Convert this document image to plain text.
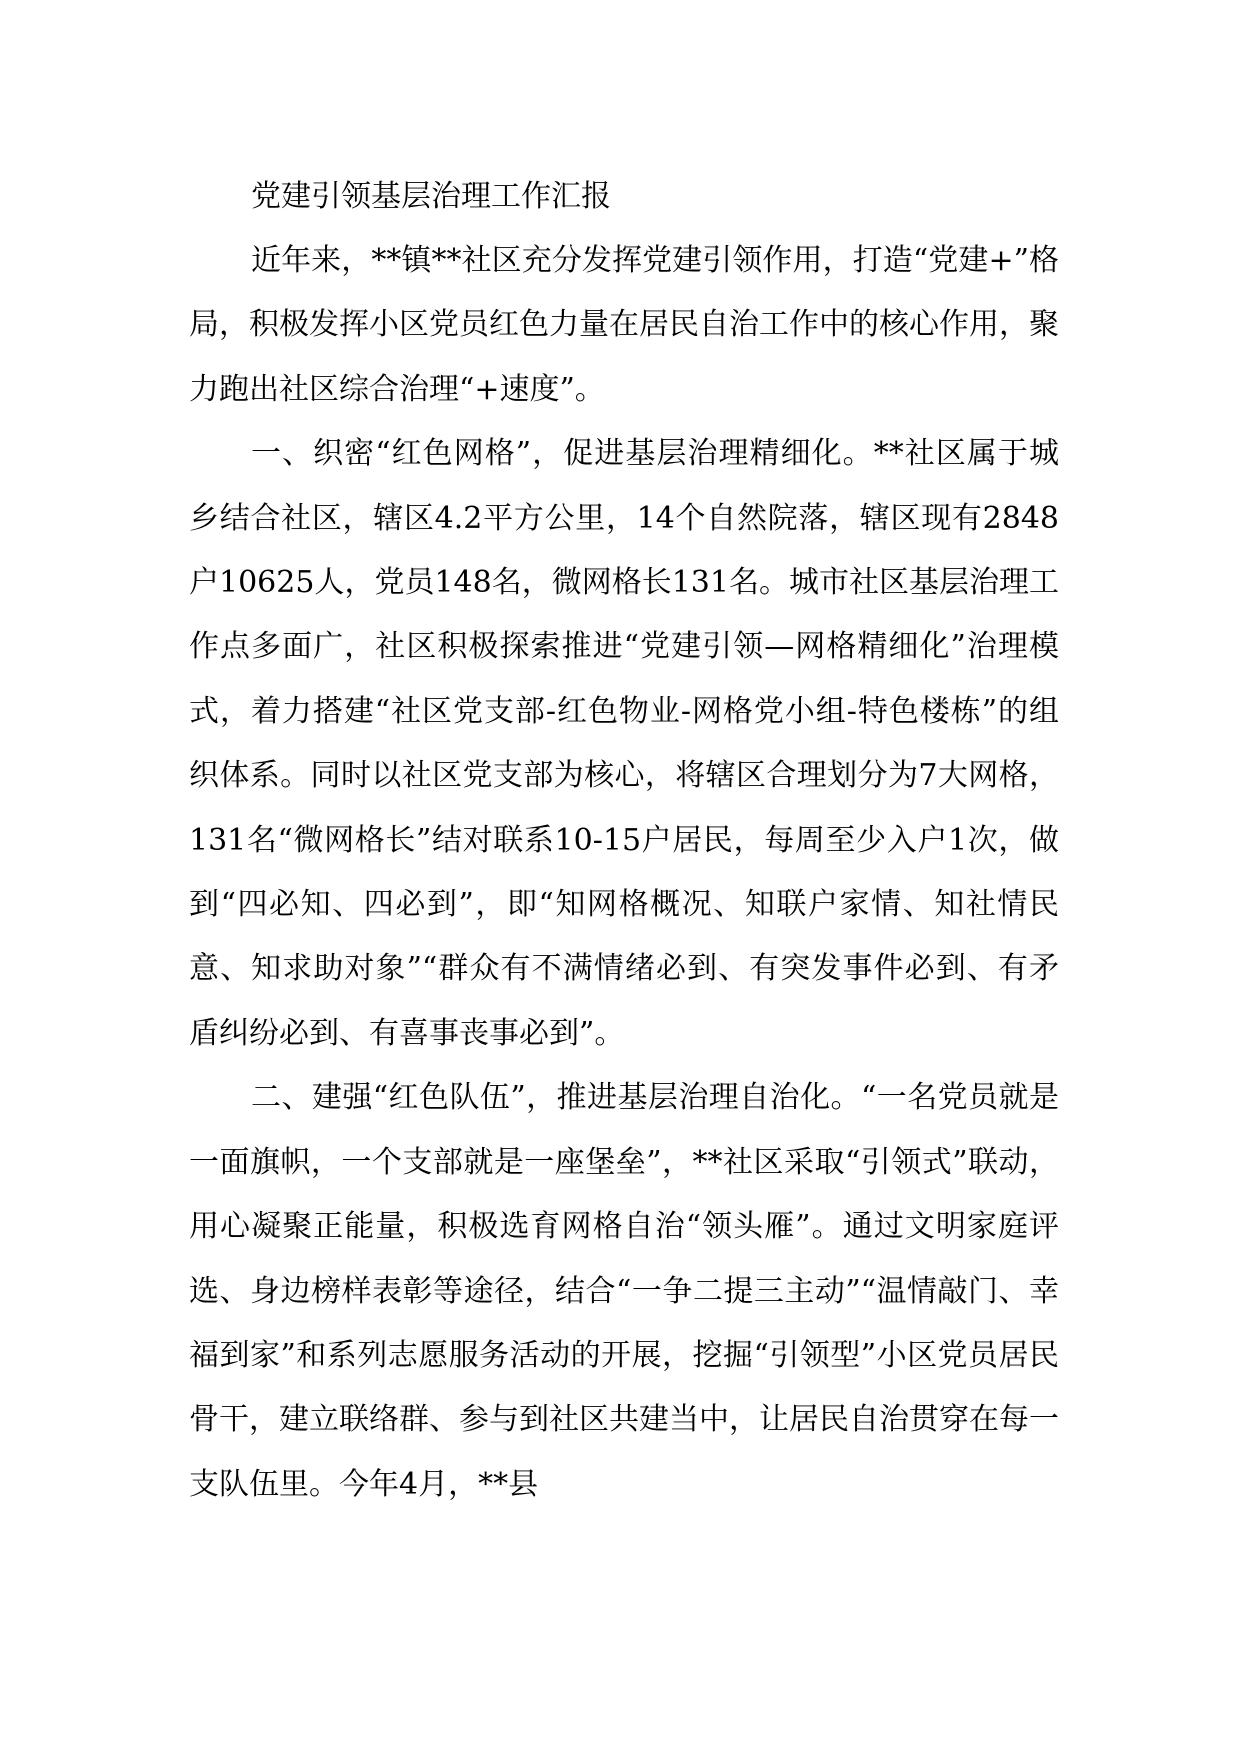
党建引领基层治理工作汇报

近年来，**镇**社区充分发挥党建引领作用，打造“党建+”格局，积极发挥小区党员红色力量在居民自治工作中的核心作用，聚力跑出社区综合治理“+速度”。

一、织密“红色网格”，促进基层治理精细化。**社区属于城乡结合社区，辖区4.2平方公里，14个自然院落，辖区现有2848户10625人，党员148名，微网格长131名。城市社区基层治理工作点多面广，社区积极探索推进“党建引领—网格精细化”治理模式，着力搭建“社区党支部-红色物业-网格党小组-特色楼栋”的组织体系。同时以社区党支部为核心，将辖区合理划分为7大网格，131名“微网格长”结对联系10-15户居民，每周至少入户1次，做到“四必知、四必到”，即“知网格概况、知联户家情、知社情民意、知求助对象”“群众有不满情绪必到、有突发事件必到、有矛盾纠纷必到、有喜事丧事必到”。

二、建强“红色队伍”，推进基层治理自治化。“一名党员就是一面旗帜，一个支部就是一座堡垒”，**社区采取“引领式”联动，用心凝聚正能量，积极选育网格自治“领头雁”。通过文明家庭评选、身边榜样表彰等途径，结合“一争二提三主动”“温情敲门、幸福到家”和系列志愿服务活动的开展，挖掘“引领型”小区党员居民骨干，建立联络群、参与到社区共建当中，让居民自治贯穿在每一支队伍里。今年4月，**县
